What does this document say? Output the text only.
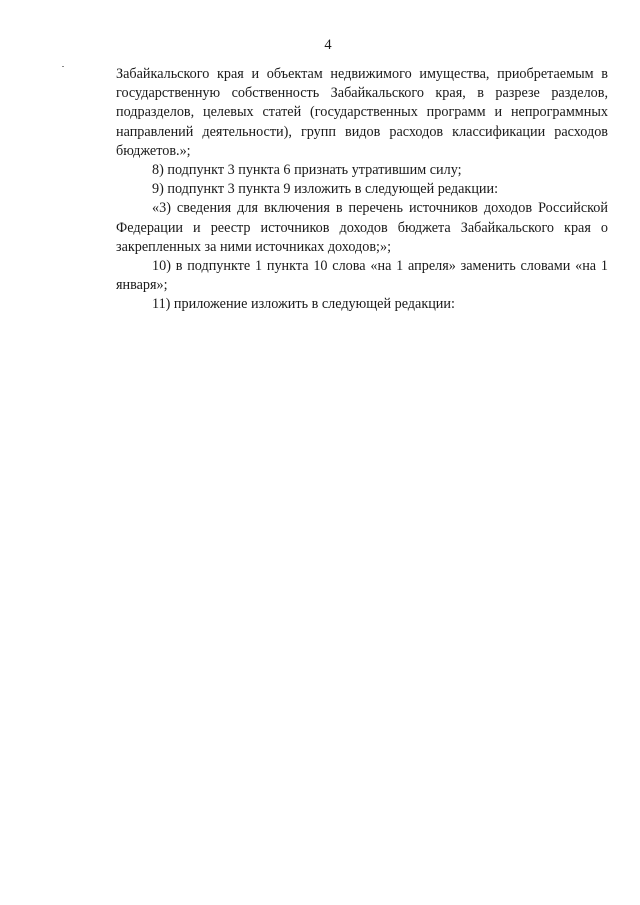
4

Забайкальского края и объектам недвижимого имущества, приобретаемым в государственную собственность Забайкальского края, в разрезе разделов, подразделов, целевых статей (государственных программ и непрограммных направлений деятельности), групп видов расходов классификации расходов бюджетов.»;

8) подпункт 3 пункта 6 признать утратившим силу;

9) подпункт 3 пункта 9 изложить в следующей редакции:

«3) сведения для включения в перечень источников доходов Российской Федерации и реестр источников доходов бюджета Забайкальского края о закрепленных за ними источниках доходов;»;

10) в подпункте 1 пункта 10 слова «на 1 апреля» заменить словами «на 1 января»;

11) приложение изложить в следующей редакции:
